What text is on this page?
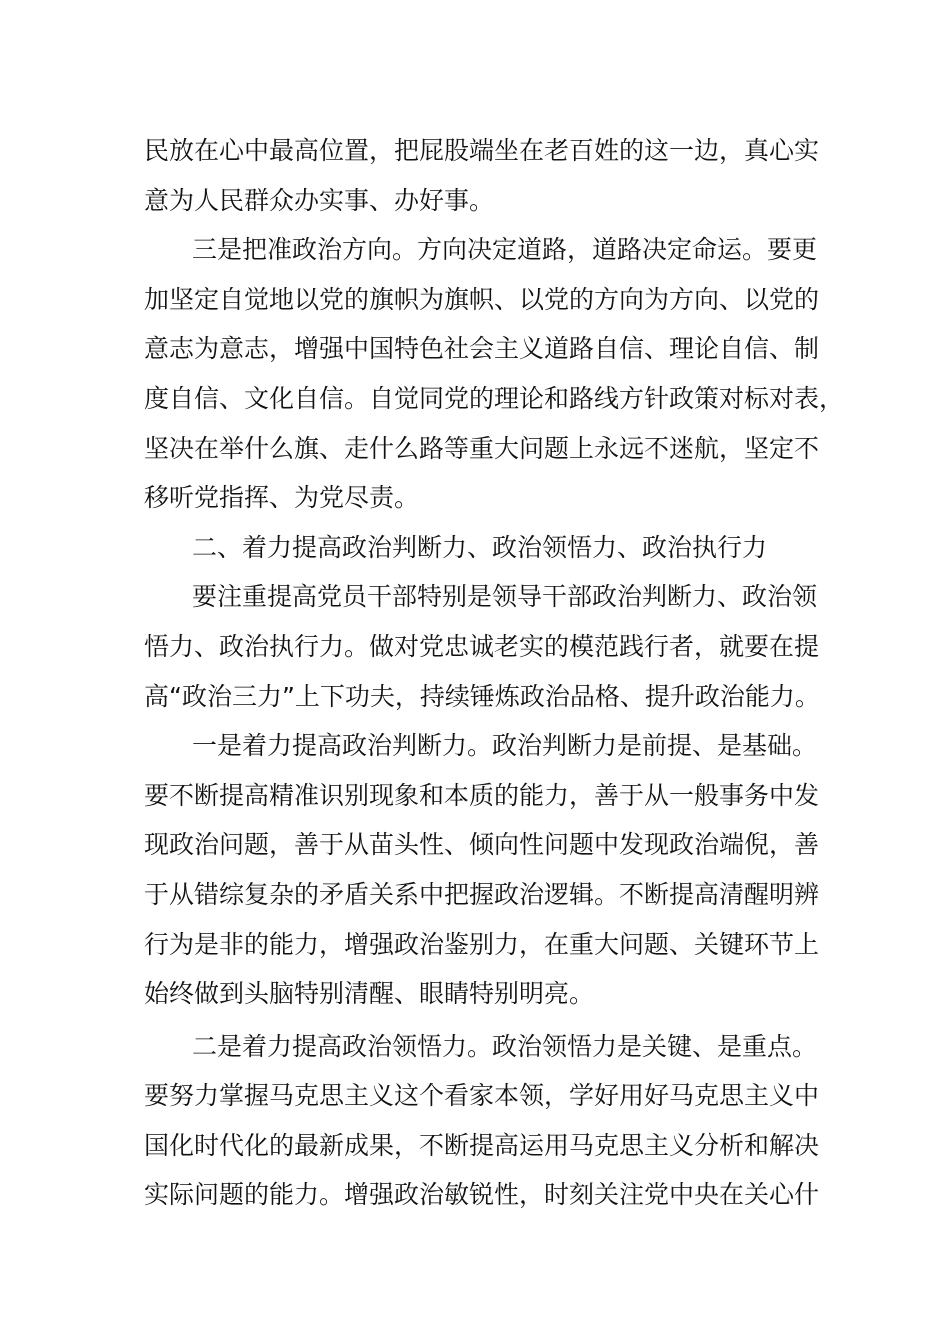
民放在心中最高位置，把屁股端坐在老百姓的这一边，真心实
意为人民群众办实事、办好事。
三是把准政治方向。方向决定道路，道路决定命运。要更
加坚定自觉地以党的旗帜为旗帜、以党的方向为方向、以党的
意志为意志，增强中国特色社会主义道路自信、理论自信、制
度自信、文化自信。自觉同党的理论和路线方针政策对标对表，
坚决在举什么旗、走什么路等重大问题上永远不迷航，坚定不
移听党指挥、为党尽责。
二、着力提高政治判断力、政治领悟力、政治执行力
要注重提高党员干部特别是领导干部政治判断力、政治领
悟力、政治执行力。做对党忠诚老实的模范践行者，就要在提
高“政治三力”上下功夫，持续锤炼政治品格、提升政治能力。
一是着力提高政治判断力。政治判断力是前提、是基础。
要不断提高精准识别现象和本质的能力，善于从一般事务中发
现政治问题，善于从苗头性、倾向性问题中发现政治端倪，善
于从错综复杂的矛盾关系中把握政治逻辑。不断提高清醒明辨
行为是非的能力，增强政治鉴别力，在重大问题、关键环节上
始终做到头脑特别清醒、眼睛特别明亮。
二是着力提高政治领悟力。政治领悟力是关键、是重点。
要努力掌握马克思主义这个看家本领，学好用好马克思主义中
国化时代化的最新成果，不断提高运用马克思主义分析和解决
实际问题的能力。增强政治敏锐性，时刻关注党中央在关心什
